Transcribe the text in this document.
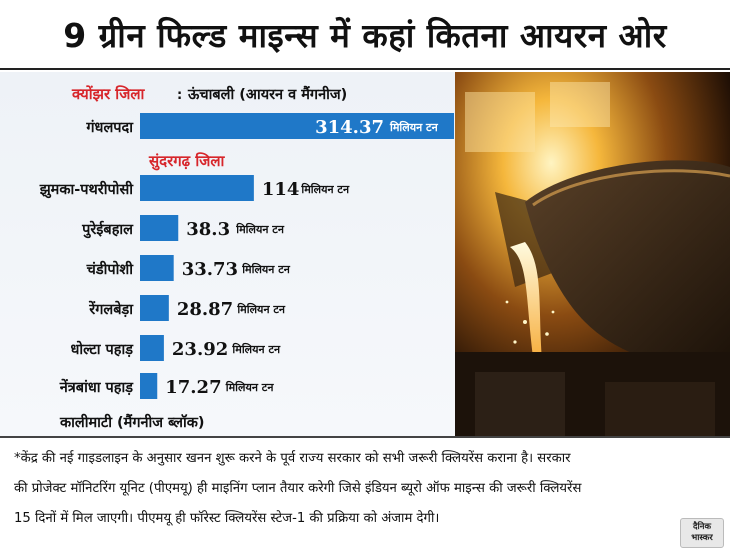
9 ग्रीन फिल्ड माइन्स में कहां कितना आयरन ओर
क्योंझर जिला	: ऊंचाबली (आयरन व मैंगनीज)
सुंदरगढ़ जिला
गंधलपदा	314.37 मिलियन टन
झुमका-पथरीपोसी	114 मिलियन टन
पुरेईबहाल	38.3 मिलियन टन
चंडीपोशी	33.73 मिलियन टन
रेंगलबेड़ा 28.87 मिलियन टन
धोल्टा पहाड़ 23.92 मिलियन टन
नेंत्रबांधा पहाड़ 17.27 मिलियन टन
कालीमाटी (मैंगनीज ब्लॉक)
*केंद्र की नई गाइडलाइन के अनुसार खनन शुरू करने के पूर्व राज्य सरकार को सभी जरूरी क्लियरेंस कराना है। सरकार
की प्रोजेक्ट मॉनिटरिंग यूनिट (पीएमयू) ही माइनिंग प्लान तैयार करेगी जिसे इंडियन ब्यूरो ऑफ माइन्स की जरूरी क्लियरेंस
15 दिनों में मिल जाएगी। पीएमयू ही फॉरेस्ट क्लियरेंस स्टेज-1 की प्रक्रिया को अंजाम देगी।
दैनिक
भास्कर
